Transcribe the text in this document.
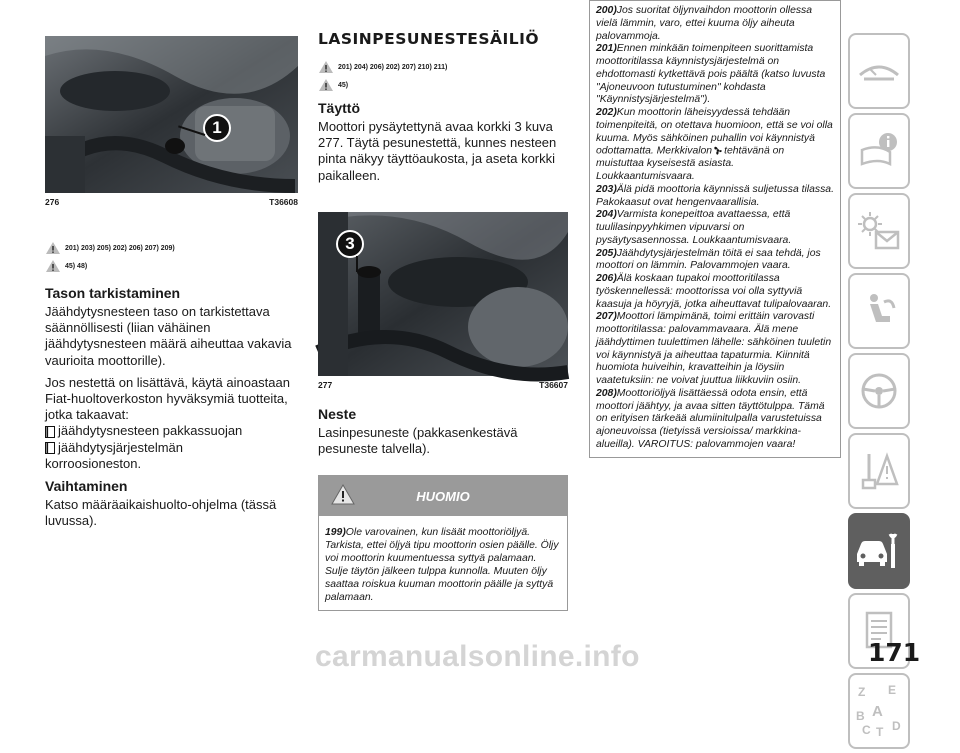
1
276	T36608
201) 203) 205) 202) 206) 207) 209)
45) 48)
Tason tarkistaminen

Jäähdytysnesteen taso on tarkistettava säännöllisesti (liian vähäinen jäähdytysnesteen määrä aiheuttaa vakavia vaurioita moottorille).

Jos nestettä on lisättävä, käytä ainoastaan Fiat-huoltoverkoston hyväksymiä tuotteita, jotka takaavat:

jäähdytysnesteen pakkassuojan
jäähdytysjärjestelmän

korroosioneston.

Vaihtaminen

Katso määräaikaishuolto-ohjelma (tässä luvussa).

LASINPESUNESTESÄILIÖ
201) 204) 206) 202) 207) 210) 211)
45)
Täyttö

Moottori pysäytettynä avaa korkki 3 kuva 277. Täytä pesunestettä, kunnes nesteen pinta näkyy täyttöaukosta, ja aseta korkki paikalleen.

3
277	T36607
Neste

Lasinpesuneste (pakkasenkestävä pesuneste talvella).

HUOMIO
199)Ole varovainen, kun lisäät moottoriöljyä. Tarkista, ettei öljyä tipu moottorin osien päälle. Öljy voi moottorin kuumentuessa syttyä palamaan. Sulje täytön jälkeen tulppa kunnolla. Muuten öljy saattaa roiskua kuuman moottorin päälle ja syttyä palamaan.
200)Jos suoritat öljynvaihdon moottorin ollessa vielä lämmin, varo, ettei kuuma öljy aiheuta palovammoja.
201)Ennen minkään toimenpiteen suorittamista moottoritilassa käynnistysjärjestelmä on ehdottomasti kytkettävä pois päältä (katso luvusta "Ajoneuvoon tutustuminen" kohdasta "Käynnistysjärjestelmä").
202)Kun moottorin läheisyydessä tehdään toimenpiteitä, on otettava huomioon, että se voi olla kuuma. Myös sähköinen puhallin voi käynnistyä odottamatta. Merkkivalon tehtävänä on muistuttaa kyseisestä asiasta. Loukkaantumisvaara.
203)Älä pidä moottoria käynnissä suljetussa tilassa. Pakokaasut ovat hengenvaarallisia.
204)Varmista konepeittoa avattaessa, että tuulilasinpyyhkimen vipuvarsi on pysäytysasennossa. Loukkaantumisvaara.
205)Jäähdytysjärjestelmän töitä ei saa tehdä, jos moottori on lämmin. Palovammojen vaara.
206)Älä koskaan tupakoi moottoritilassa työskennellessä: moottorissa voi olla syttyviä kaasuja ja höyryjä, jotka aiheuttavat tulipalovaaran.
207)Moottori lämpimänä, toimi erittäin varovasti moottoritilassa: palovammavaara. Älä mene jäähdyttimen tuulettimen lähelle: sähköinen tuuletin voi käynnistyä ja aiheuttaa tapaturmia. Kiinnitä huomiota huiveihin, kravatteihin ja löysiin vaatetuksiin: ne voivat juuttua liikkuviin osiin.
208)Moottoriöljyä lisättäessä odota ensin, että moottori jäähtyy, ja avaa sitten täyttötulppa. Tämä on erityisen tärkeää alumiinitulpalla varustetuissa ajoneuvoissa (tietyissä versioissa/ markkina-alueilla). VAROITUS: palovammojen vaara!
Z E
A
B
C T D
carmanualsonline.info	171
